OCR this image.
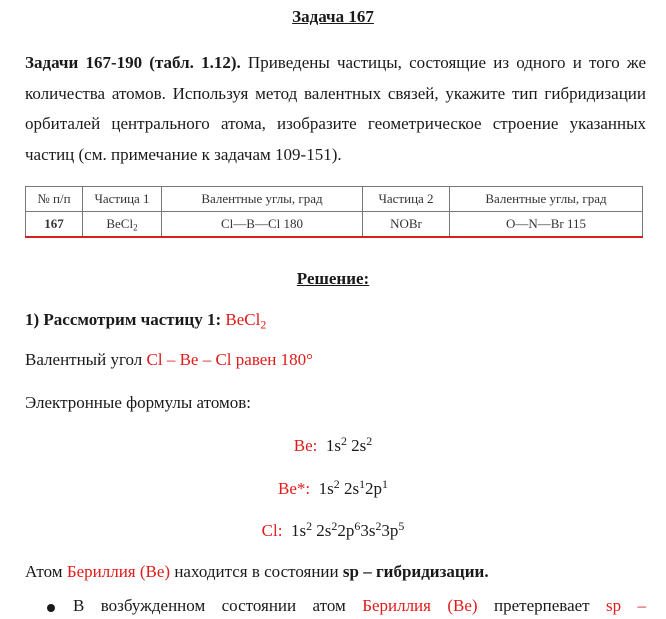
Задача 167
Задачи 167-190 (табл. 1.12). Приведены частицы, состоящие из одного и того же количества атомов. Используя метод валентных связей, укажите тип гибридизации орбиталей центрального атома, изобразите геометрическое строение указанных частиц (см. примечание к задачам 109-151).
№ п/п	Частица 1	Валентные углы, град	Частица 2	Валентные углы, град
167	BeCl$_2$	Cl—B—Cl 180	NOBr	O—N—Br 115
Решение:
1) Рассмотрим частицу 1: BeCl$_2$
Валентный угол Cl – Be – Cl равен 180°
Электронные формулы атомов:
Be: $1s^2$ $2s^2$
Be*: $1s^2$ $2s^12p^1$
Cl: $1s^2$ $2s^22p^63s^23p^5$
Атом Бериллия (Be) находится в состоянии sp – гибридизации.
В возбужденном состоянии атом Бериллия (Be) претерпевает sp –
